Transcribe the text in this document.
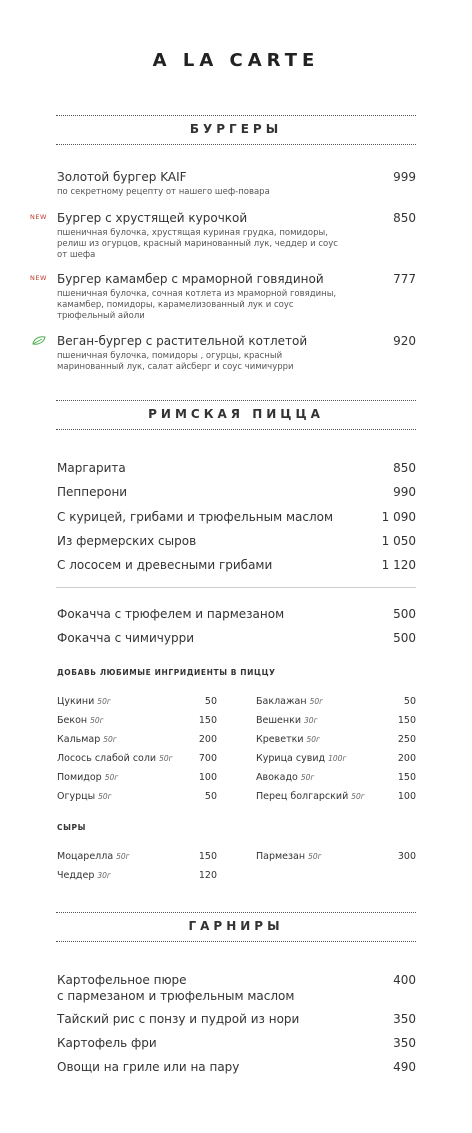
A LA CARTE
БУРГЕРЫ
Золотой бургер KAIF	999
по секретному рецепту от нашего шеф-повара
NEW Бургер с хрустящей курочкой	850
пшеничная булочка, хрустящая куриная грудка, помидоры, релиш из огурцов, красный маринованный лук, чеддер и соус от шефа
NEW Бургер камамбер с мраморной говядиной	777
пшеничная булочка, сочная котлета из мраморной говядины, камамбер, помидоры, карамелизованный лук и соус трюфельный айоли
Веган-бургер с растительной котлетой	920
пшеничная булочка, помидоры , огурцы, красный маринованный лук, салат айсберг и соус чимичурри
РИМСКАЯ ПИЦЦА
Маргарита	850
Пепперони	990
С курицей, грибами и трюфельным маслом	1 090
Из фермерских сыров	1 050
С лососем и древесными грибами	1 120
Фокачча с трюфелем и пармезаном	500
Фокачча с чимичурри	500
ДОБАВЬ ЛЮБИМЫЕ ИНГРИДИЕНТЫ В ПИЦЦУ
Цукини 50г	50
Бекон 50г	150
Кальмар 50г	200
Лосось слабой соли 50г	700
Помидор 50г	100
Огурцы 50г	50
Баклажан 50г	50
Вешенки 30г	150
Креветки 50г	250
Курица сувид 100г	200
Авокадо 50г	150
Перец болгарский 50г	100
СЫРЫ
Моцарелла 50г	150
Чеддер 30г	120
Пармезан 50г	300
ГАРНИРЫ
Картофельное пюре
с пармезаном и трюфельным маслом
400
Тайский рис с понзу и пудрой из нори	350
Картофель фри	350
Овощи на гриле или на пару	490
